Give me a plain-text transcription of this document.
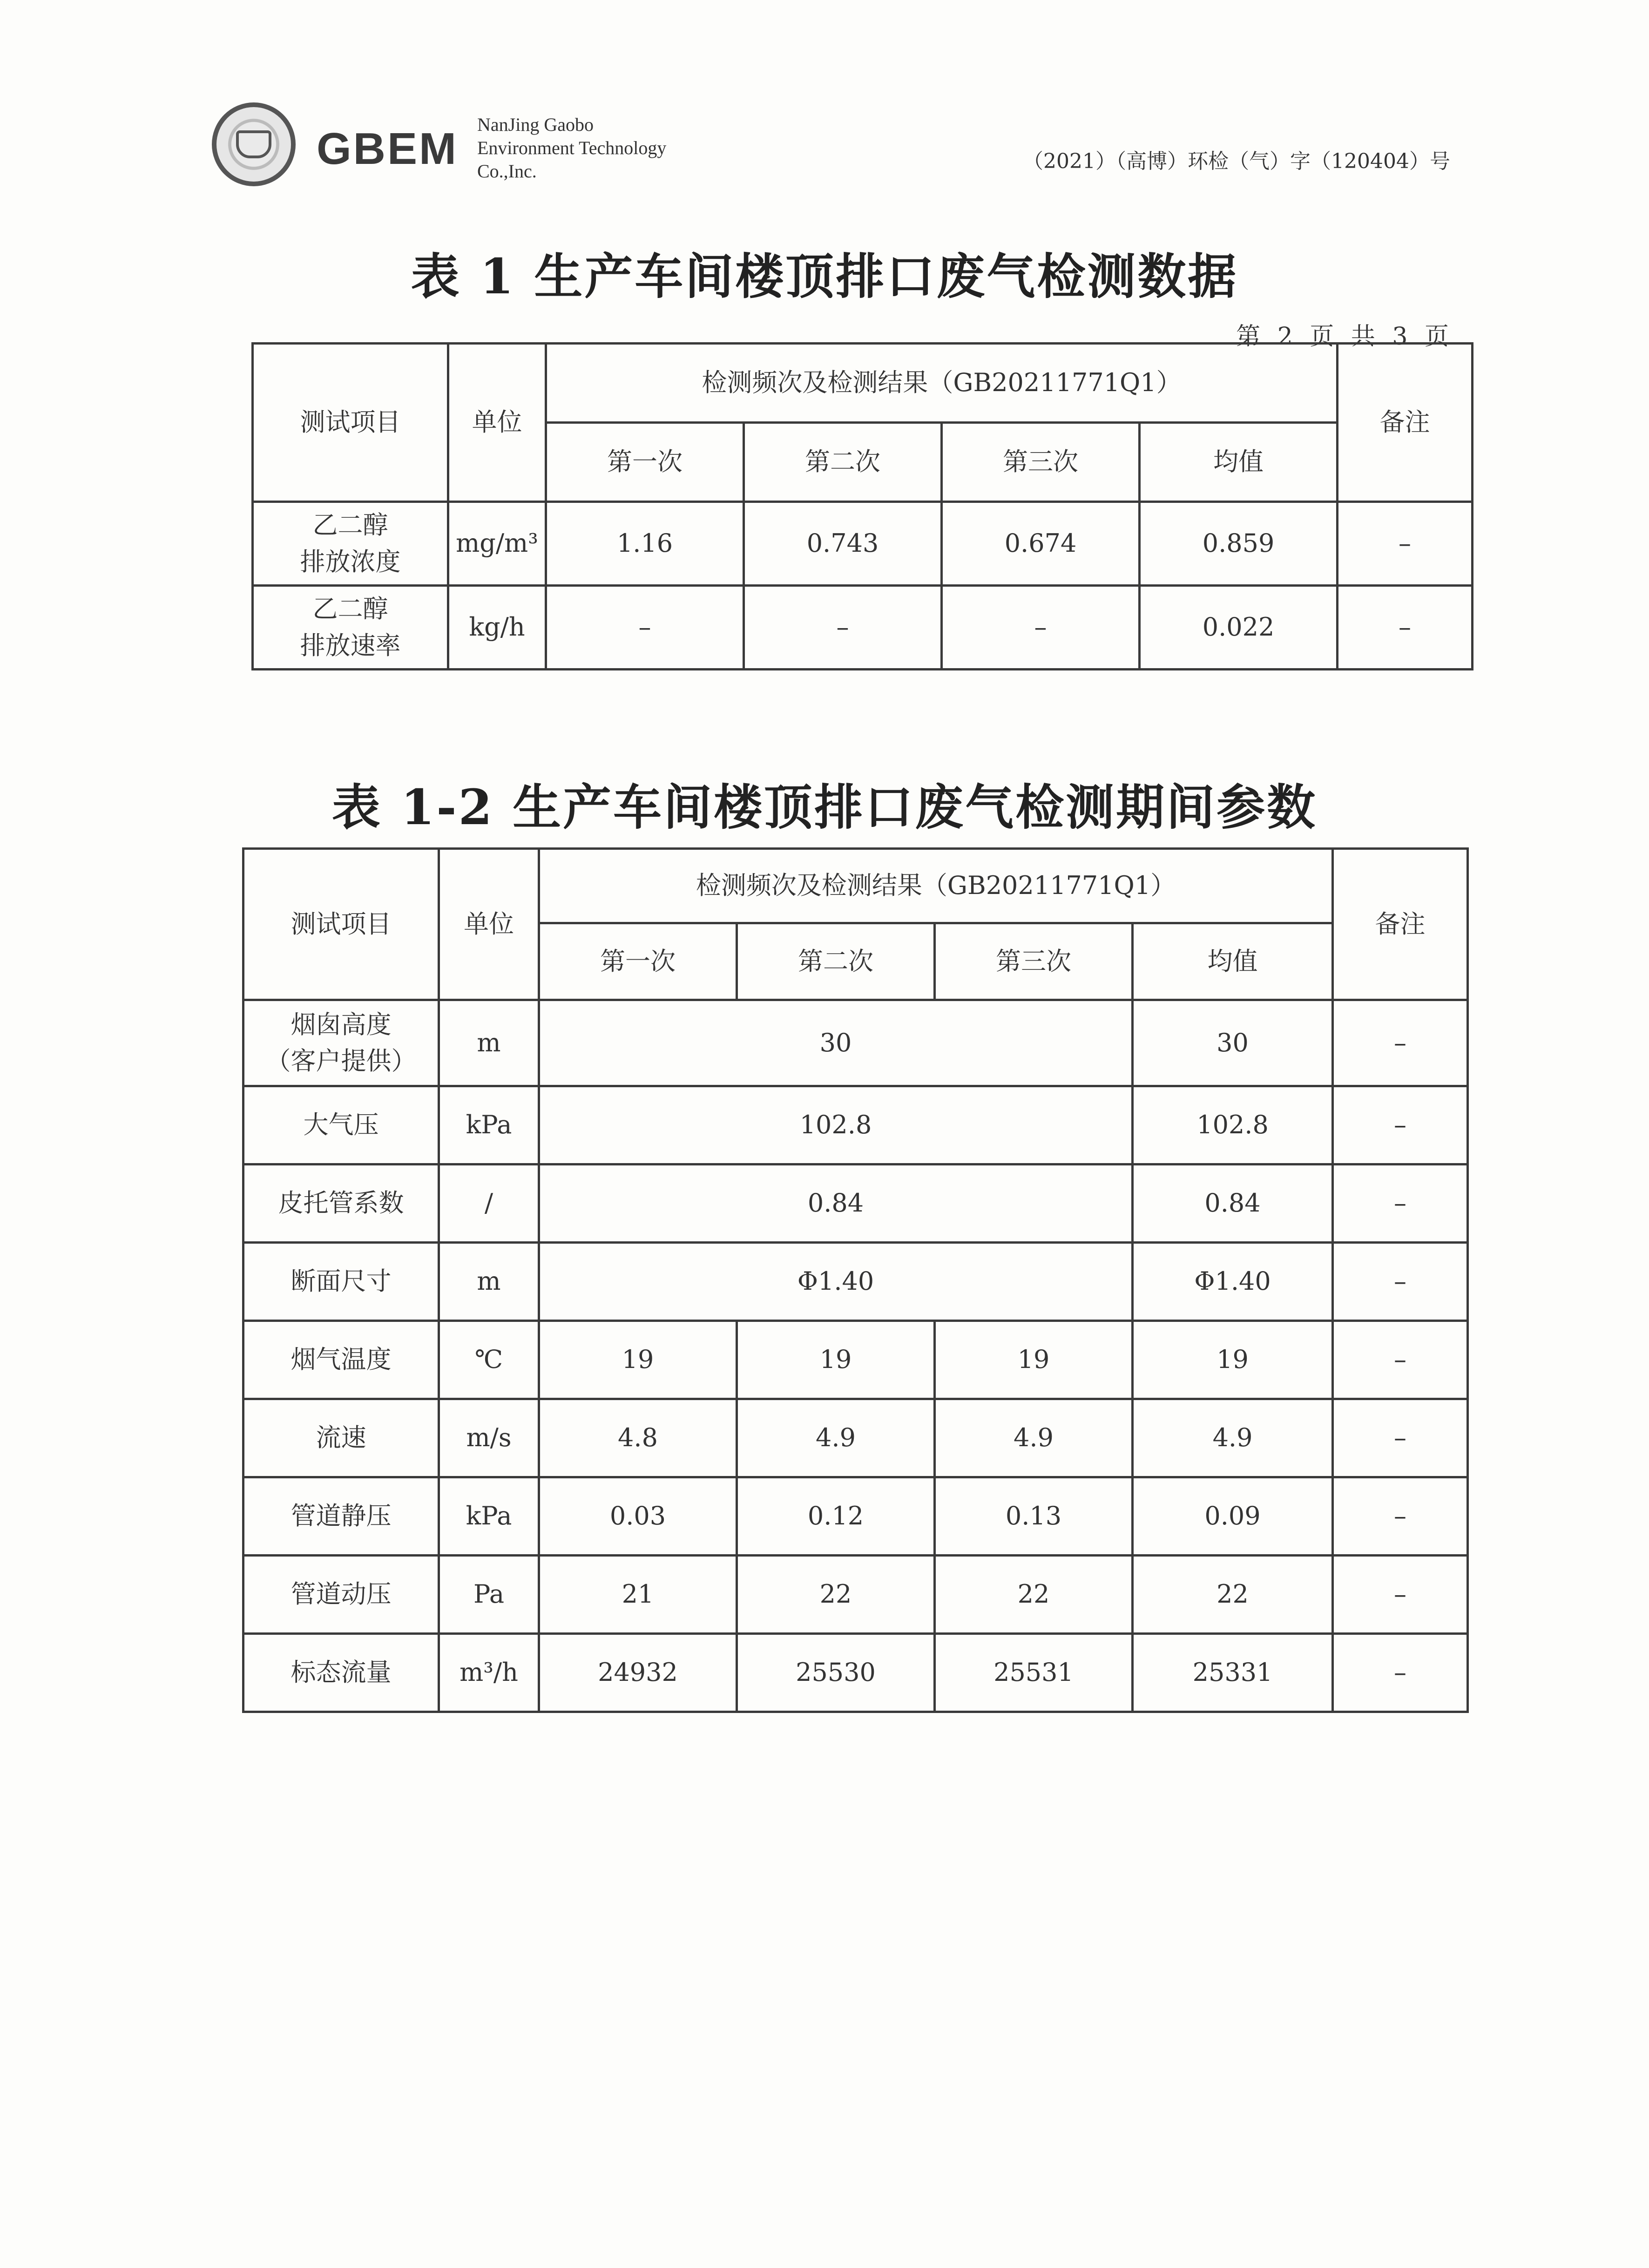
GBEM NanJing Gaobo
Environment Technology
Co.,Inc.	（2021）（高博）环检（气）字（120404）号
表 1 生产车间楼顶排口废气检测数据
第 2 页 共 3 页
测试项目	单位	检测频次及检测结果（GB20211771Q1）				备注
		第一次	第二次	第三次	均值	

乙二醇
排放浓度	mg/m³	1.16	0.743	0.674	0.859	–

乙二醇
排放速率	kg/h	–	–	–	0.022	–
表 1-2 生产车间楼顶排口废气检测期间参数
测试项目	单位	检测频次及检测结果（GB20211771Q1）				备注
		第一次	第二次	第三次	均值	

烟囱高度
（客户提供）	m	30			30	–
大气压	kPa	102.8			102.8	–
皮托管系数	/	0.84			0.84	–
断面尺寸	m	Φ1.40			Φ1.40	–
烟气温度	℃	19	19	19	19	–
流速	m/s	4.8	4.9	4.9	4.9	–
管道静压	kPa	0.03	0.12	0.13	0.09	–
管道动压	Pa	21	22	22	22	–
标态流量	m³/h	24932	25530	25531	25331	–
